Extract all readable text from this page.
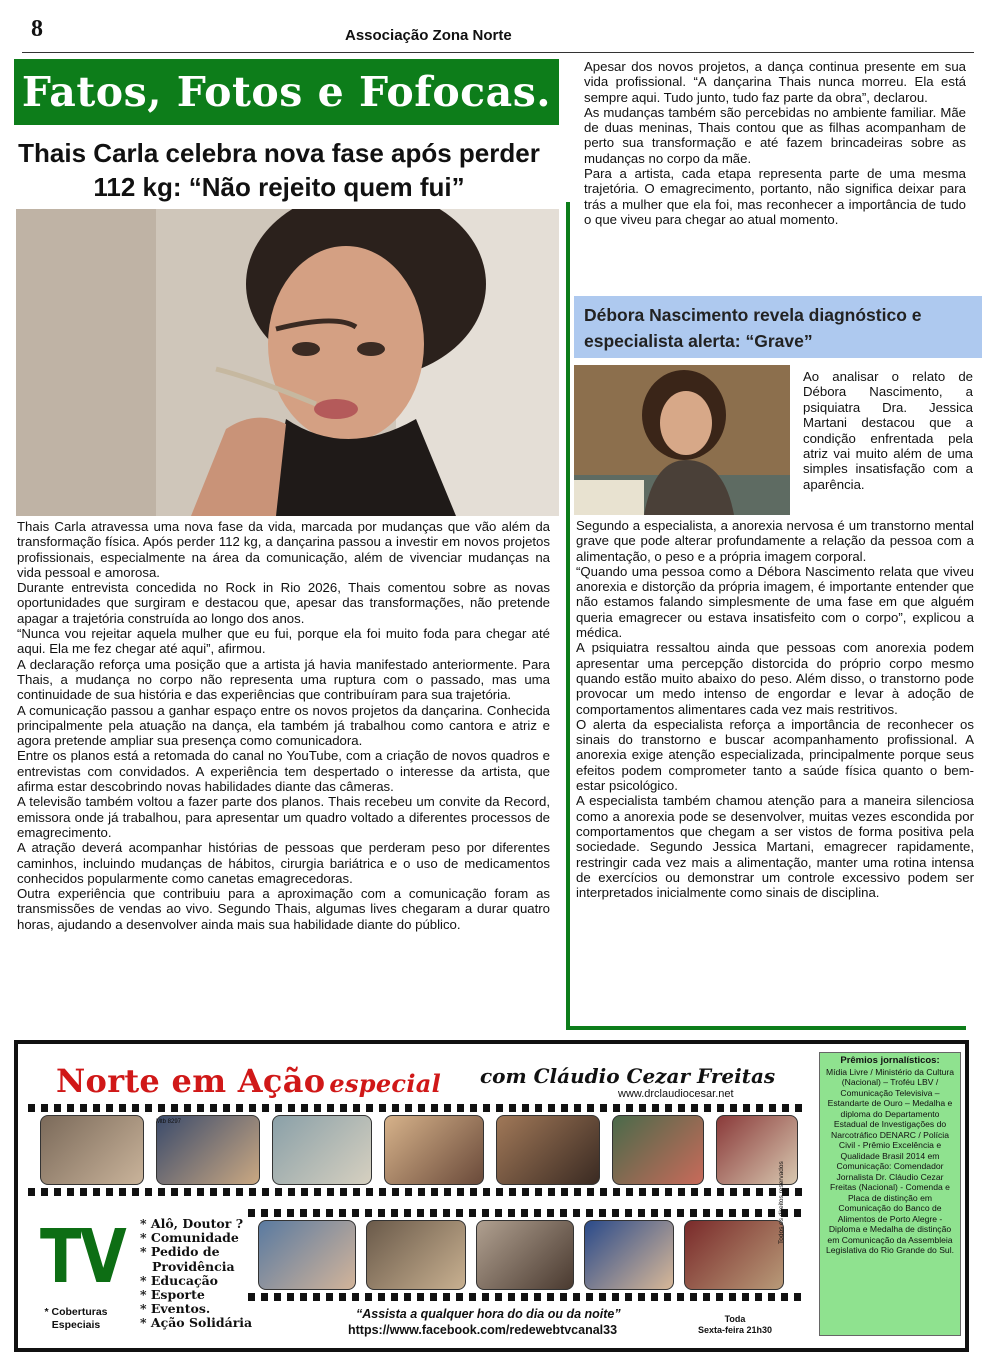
8	Associação Zona Norte
Fatos, Fotos e Fofocas.
Thais Carla celebra nova fase após perder 112 kg: “Não rejeito quem fui”

Thais Carla atravessa uma nova fase da vida, marcada por mudanças que vão além da transformação física. Após perder 112 kg, a dançarina passou a investir em novos projetos profissionais, especialmente na área da comunicação, além de vivenciar mudanças na vida pessoal e amorosa.

Durante entrevista concedida no Rock in Rio 2026, Thais comentou sobre as novas oportunidades que surgiram e destacou que, apesar das transformações, não pretende apagar a trajetória construída ao longo dos anos.

“Nunca vou rejeitar aquela mulher que eu fui, porque ela foi muito foda para chegar até aqui. Ela me fez chegar até aqui”, afirmou.

A declaração reforça uma posição que a artista já havia manifestado anteriormente. Para Thais, a mudança no corpo não representa uma ruptura com o passado, mas uma continuidade de sua história e das experiências que contribuíram para sua trajetória.

A comunicação passou a ganhar espaço entre os novos projetos da dançarina. Conhecida principalmente pela atuação na dança, ela também já trabalhou como cantora e atriz e agora pretende ampliar sua presença como comunicadora.

Entre os planos está a retomada do canal no YouTube, com a criação de novos quadros e entrevistas com convidados. A experiência tem despertado o interesse da artista, que afirma estar descobrindo novas habilidades diante das câmeras.

A televisão também voltou a fazer parte dos planos. Thais recebeu um convite da Record, emissora onde já trabalhou, para apresentar um quadro voltado a diferentes processos de emagrecimento.

A atração deverá acompanhar histórias de pessoas que perderam peso por diferentes caminhos, incluindo mudanças de hábitos, cirurgia bariátrica e o uso de medicamentos conhecidos popularmente como canetas emagrecedoras.

Outra experiência que contribuiu para a aproximação com a comunicação foram as transmissões de vendas ao vivo. Segundo Thais, algumas lives chegaram a durar quatro horas, ajudando a desenvolver ainda mais sua habilidade diante do público.

Apesar dos novos projetos, a dança continua presente em sua vida profissional. “A dançarina Thais nunca morreu. Ela está sempre aqui. Tudo junto, tudo faz parte da obra”, declarou.

As mudanças também são percebidas no ambiente familiar. Mãe de duas meninas, Thais contou que as filhas acompanham de perto sua transformação e até fazem brincadeiras sobre as mudanças no corpo da mãe.

Para a artista, cada etapa representa parte de uma mesma trajetória. O emagrecimento, portanto, não significa deixar para trás a mulher que ela foi, mas reconhecer a importância de tudo o que viveu para chegar ao atual momento.

Débora Nascimento revela diagnóstico e especialista alerta: “Grave”
Ao analisar o relato de Débora Nascimento, a psiquiatra Dra. Jessica Martani destacou que a condição enfrentada pela atriz vai muito além de uma simples insatisfação com a aparência.

Segundo a especialista, a anorexia nervosa é um transtorno mental grave que pode alterar profundamente a relação da pessoa com a alimentação, o peso e a própria imagem corporal.

“Quando uma pessoa como a Débora Nascimento relata que viveu anorexia e distorção da própria imagem, é importante entender que não estamos falando simplesmente de uma fase em que alguém queria emagrecer ou estava insatisfeito com o corpo”, explicou a médica.

A psiquiatra ressaltou ainda que pessoas com anorexia podem apresentar uma percepção distorcida do próprio corpo mesmo quando estão muito abaixo do peso. Além disso, o transtorno pode provocar um medo intenso de engordar e levar à adoção de comportamentos alimentares cada vez mais restritivos.

O alerta da especialista reforça a importância de reconhecer os sinais do transtorno e buscar acompanhamento profissional. A anorexia exige atenção especializada, principalmente porque seus efeitos podem comprometer tanto a saúde física quanto o bem-estar psicológico.

A especialista também chamou atenção para a maneira silenciosa como a anorexia pode se desenvolver, muitas vezes escondida por comportamentos que chegam a ser vistos de forma positiva pela sociedade. Segundo Jessica Martani, emagrecer rapidamente, restringir cada vez mais a alimentação, manter uma rotina intensa de exercícios ou demonstrar um controle excessivo podem ser interpretados inicialmente como sinais de disciplina.

Norte em Ação especial com Cláudio Cezar Freitas
www.drclaudiocesar.net
Mtb 8297
TV
* Coberturas Especiais
* Alô, Doutor ?
* Comunidade
* Pedido de
Providência
* Educação
* Esporte
* Eventos.
* Ação Solidária
“Assista a qualquer hora do dia ou da noite”
https://www.facebook.com/redewebtvcanal33
Toda
Sexta-feira 21h30
Todos os direitos reservados
Prêmios jornalísticos:
Mídia Livre / Ministério da Cultura (Nacional) – Troféu LBV / Comunicação Televisiva – Estandarte de Ouro – Medalha e diploma do Departamento Estadual de Investigações do Narcotráfico DENARC / Polícia Civil - Prêmio Excelência e Qualidade Brasil 2014 em Comunicação: Comendador Jornalista Dr. Cláudio Cezar Freitas (Nacional) - Comenda e Placa de distinção em Comunicação do Banco de Alimentos de Porto Alegre - Diploma e Medalha de distinção em Comunicação da Assembleia Legislativa do Rio Grande do Sul.
